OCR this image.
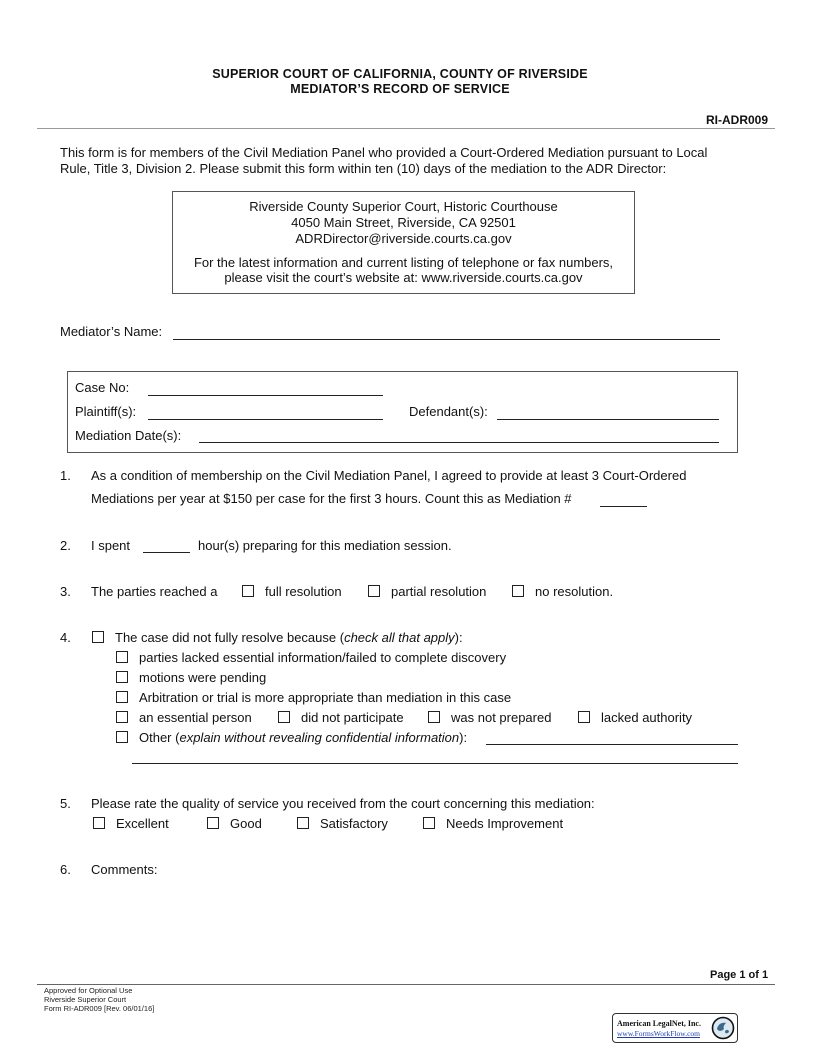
SUPERIOR COURT OF CALIFORNIA, COUNTY OF RIVERSIDE
MEDIATOR’S RECORD OF SERVICE
RI-ADR009
This form is for members of the Civil Mediation Panel who provided a Court-Ordered Mediation pursuant to Local
Rule, Title 3, Division 2. Please submit this form within ten (10) days of the mediation to the ADR Director:
Riverside County Superior Court, Historic Courthouse
4050 Main Street, Riverside, CA 92501
ADRDirector@riverside.courts.ca.gov
For the latest information and current listing of telephone or fax numbers,
please visit the court’s website at: www.riverside.courts.ca.gov
Mediator’s Name:
Case No:
Plaintiff(s):	Defendant(s):
Mediation Date(s):
1. As a condition of membership on the Civil Mediation Panel, I agreed to provide at least 3 Court-Ordered
Mediations per year at $150 per case for the first 3 hours. Count this as Mediation #
2. I spent	hour(s) preparing for this mediation session.
3. The parties reached a	full resolution	partial resolution	no resolution.
4.	The case did not fully resolve because (check all that apply):
parties lacked essential information/failed to complete discovery
motions were pending
Arbitration or trial is more appropriate than mediation in this case
an essential person	did not participate	was not prepared	lacked authority
Other (explain without revealing confidential information):
5. Please rate the quality of service you received from the court concerning this mediation:
Excellent	Good	Satisfactory	Needs Improvement
6. Comments:
Page 1 of 1
Approved for Optional Use
Riverside Superior Court
Form RI-ADR009 [Rev. 06/01/16]
American LegalNet, Inc.
www.FormsWorkFlow.com
